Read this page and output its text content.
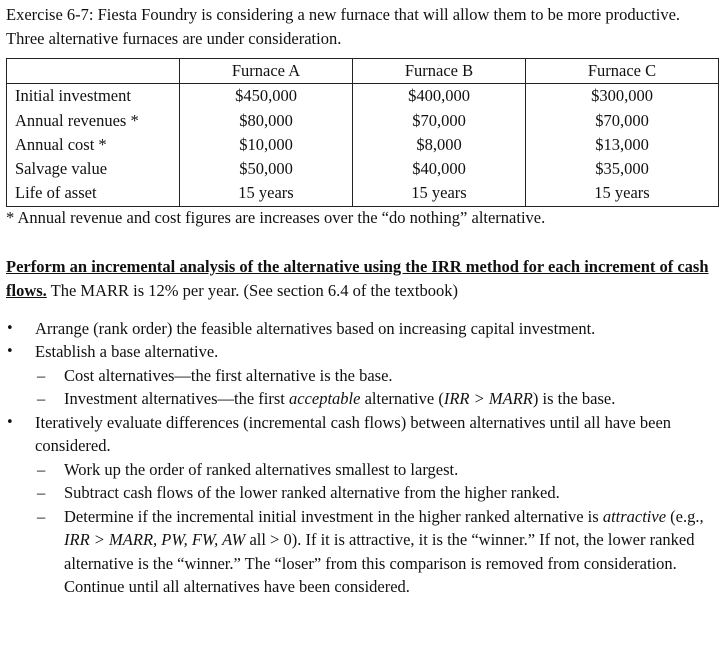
Exercise 6-7: Fiesta Foundry is considering a new furnace that will allow them to be more productive. Three alternative furnaces are under consideration.

	Furnace A	Furnace B	Furnace C
Initial investment	$450,000	$400,000	$300,000
Annual revenues *	$80,000	$70,000	$70,000
Annual cost *	$10,000	$8,000	$13,000
Salvage value	$50,000	$40,000	$35,000
Life of asset	15 years	15 years	15 years

* Annual revenue and cost figures are increases over the “do nothing” alternative.

Perform an incremental analysis of the alternative using the IRR method for each increment of cash flows. The MARR is 12% per year. (See section 6.4 of the textbook)

• Arrange (rank order) the feasible alternatives based on increasing capital investment.
• Establish a base alternative.
– Cost alternatives—the first alternative is the base.
– Investment alternatives—the first acceptable alternative (IRR > MARR) is the base.
• Iteratively evaluate differences (incremental cash flows) between alternatives until all have been considered.
– Work up the order of ranked alternatives smallest to largest.
– Subtract cash flows of the lower ranked alternative from the higher ranked.
– Determine if the incremental initial investment in the higher ranked alternative is attractive (e.g., IRR > MARR, PW, FW, AW all > 0). If it is attractive, it is the “winner.” If not, the lower ranked alternative is the “winner.” The “loser” from this comparison is removed from consideration. Continue until all alternatives have been considered.
